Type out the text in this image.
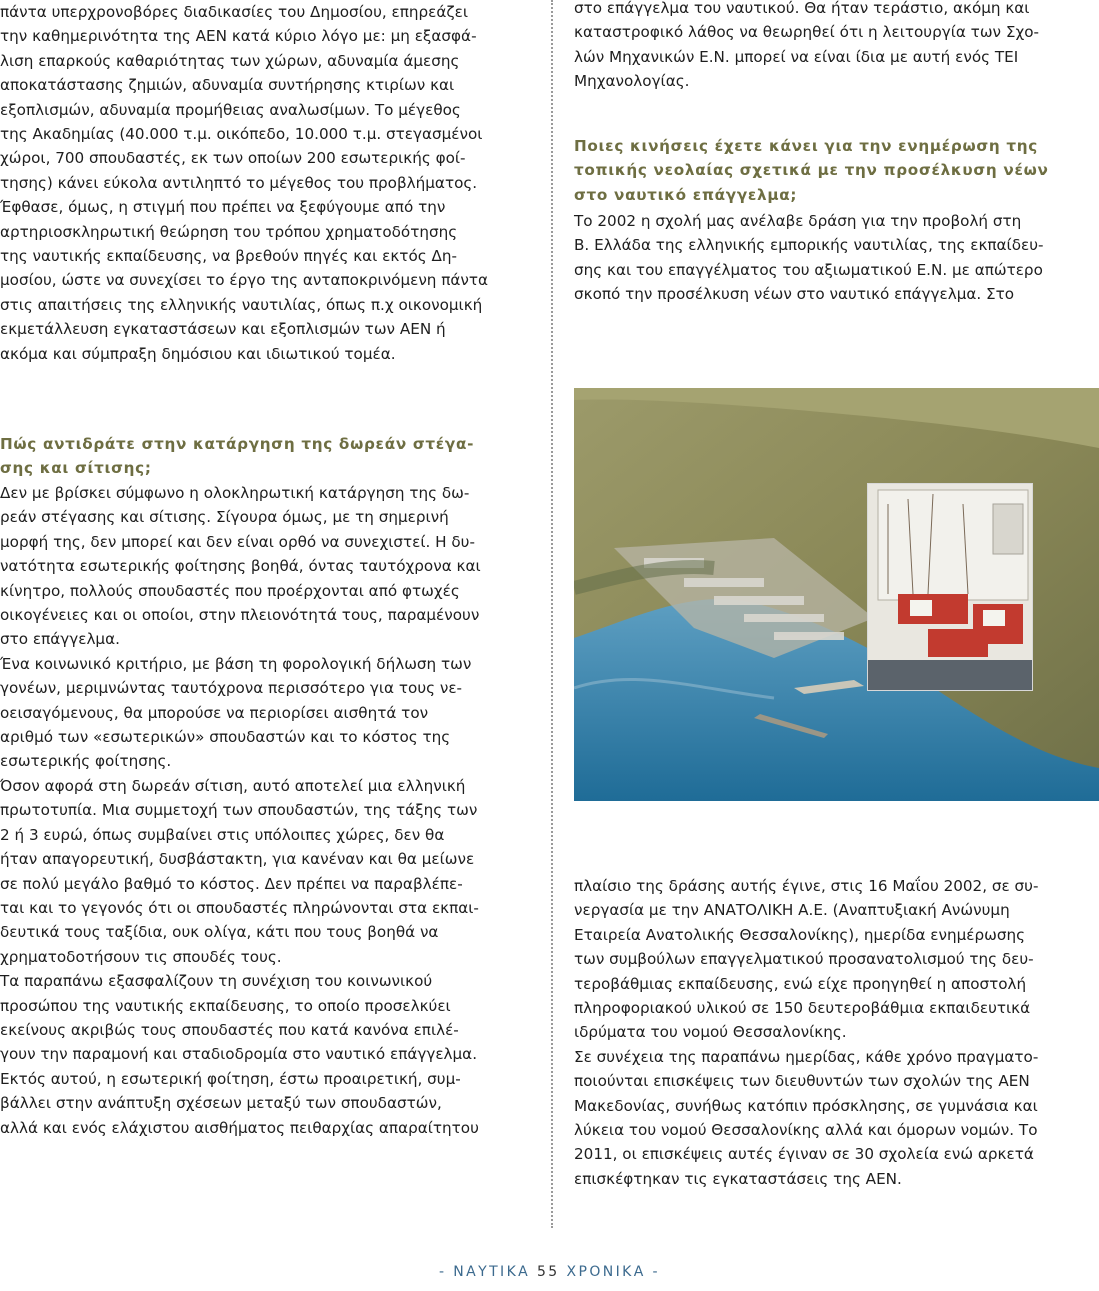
πάντα υπερχρονοβόρες διαδικασίες του Δημοσίου, επηρεάζει
την καθημερινότητα της ΑΕΝ κατά κύριο λόγο με: μη εξασφά-
λιση επαρκούς καθαριότητας των χώρων, αδυναμία άμεσης
αποκατάστασης ζημιών, αδυναμία συντήρησης κτιρίων και
εξοπλισμών, αδυναμία προμήθειας αναλωσίμων. Το μέγεθος
της Ακαδημίας (40.000 τ.μ. οικόπεδο, 10.000 τ.μ. στεγασμένοι
χώροι, 700 σπουδαστές, εκ των οποίων 200 εσωτερικής φοί-
τησης) κάνει εύκολα αντιληπτό το μέγεθος του προβλήματος.
Έφθασε, όμως, η στιγμή που πρέπει να ξεφύγουμε από την
αρτηριοσκληρωτική θεώρηση του τρόπου χρηματοδότησης
της ναυτικής εκπαίδευσης, να βρεθούν πηγές και εκτός Δη-
μοσίου, ώστε να συνεχίσει το έργο της ανταποκρινόμενη πάντα
στις απαιτήσεις της ελληνικής ναυτιλίας, όπως π.χ οικονομική
εκμετάλλευση εγκαταστάσεων και εξοπλισμών των ΑΕΝ ή
ακόμα και σύμπραξη δημόσιου και ιδιωτικού τομέα.

Πώς αντιδράτε στην κατάργηση της δωρεάν στέγα-
σης και σίτισης;

Δεν με βρίσκει σύμφωνο η ολοκληρωτική κατάργηση της δω-
ρεάν στέγασης και σίτισης. Σίγουρα όμως, με τη σημερινή
μορφή της, δεν μπορεί και δεν είναι ορθό να συνεχιστεί. Η δυ-
νατότητα εσωτερικής φοίτησης βοηθά, όντας ταυτόχρονα και
κίνητρο, πολλούς σπουδαστές που προέρχονται από φτωχές
οικογένειες και οι οποίοι, στην πλειονότητά τους, παραμένουν
στο επάγγελμα.
Ένα κοινωνικό κριτήριο, με βάση τη φορολογική δήλωση των
γονέων, μεριμνώντας ταυτόχρονα περισσότερο για τους νε-
οεισαγόμενους, θα μπορούσε να περιορίσει αισθητά τον
αριθμό των «εσωτερικών» σπουδαστών και το κόστος της
εσωτερικής φοίτησης.
Όσον αφορά στη δωρεάν σίτιση, αυτό αποτελεί μια ελληνική
πρωτοτυπία. Μια συμμετοχή των σπουδαστών, της τάξης των
2 ή 3 ευρώ, όπως συμβαίνει στις υπόλοιπες χώρες, δεν θα
ήταν απαγορευτική, δυσβάστακτη, για κανέναν και θα μείωνε
σε πολύ μεγάλο βαθμό το κόστος. Δεν πρέπει να παραβλέπε-
ται και το γεγονός ότι οι σπουδαστές πληρώνονται στα εκπαι-
δευτικά τους ταξίδια, ουκ ολίγα, κάτι που τους βοηθά να
χρηματοδοτήσουν τις σπουδές τους.
Τα παραπάνω εξασφαλίζουν τη συνέχιση του κοινωνικού
προσώπου της ναυτικής εκπαίδευσης, το οποίο προσελκύει
εκείνους ακριβώς τους σπουδαστές που κατά κανόνα επιλέ-
γουν την παραμονή και σταδιοδρομία στο ναυτικό επάγγελμα.
Εκτός αυτού, η εσωτερική φοίτηση, έστω προαιρετική, συμ-
βάλλει στην ανάπτυξη σχέσεων μεταξύ των σπουδαστών,
αλλά και ενός ελάχιστου αισθήματος πειθαρχίας απαραίτητου

στο επάγγελμα του ναυτικού. Θα ήταν τεράστιο, ακόμη και
καταστροφικό λάθος να θεωρηθεί ότι η λειτουργία των Σχο-
λών Μηχανικών Ε.Ν. μπορεί να είναι ίδια με αυτή ενός ΤΕΙ
Μηχανολογίας.

Ποιες κινήσεις έχετε κάνει για την ενημέρωση της
τοπικής νεολαίας σχετικά με την προσέλκυση νέων
στο ναυτικό επάγγελμα;

Το 2002 η σχολή μας ανέλαβε δράση για την προβολή στη
Β. Ελλάδα της ελληνικής εμπορικής ναυτιλίας, της εκπαίδευ-
σης και του επαγγέλματος του αξιωματικού Ε.Ν. με απώτερο
σκοπό την προσέλκυση νέων στο ναυτικό επάγγελμα. Στο

πλαίσιο της δράσης αυτής έγινε, στις 16 Μαΐου 2002, σε συ-
νεργασία με την ΑΝΑΤΟΛΙΚΗ Α.Ε. (Αναπτυξιακή Ανώνυμη
Εταιρεία Ανατολικής Θεσσαλονίκης), ημερίδα ενημέρωσης
των συμβούλων επαγγελματικού προσανατολισμού της δευ-
τεροβάθμιας εκπαίδευσης, ενώ είχε προηγηθεί η αποστολή
πληροφοριακού υλικού σε 150 δευτεροβάθμια εκπαιδευτικά
ιδρύματα του νομού Θεσσαλονίκης.
Σε συνέχεια της παραπάνω ημερίδας, κάθε χρόνο πραγματο-
ποιούνται επισκέψεις των διευθυντών των σχολών της ΑΕΝ
Μακεδονίας, συνήθως κατόπιν πρόσκλησης, σε γυμνάσια και
λύκεια του νομού Θεσσαλονίκης αλλά και όμορων νομών. Το
2011, οι επισκέψεις αυτές έγιναν σε 30 σχολεία ενώ αρκετά
επισκέφτηκαν τις εγκαταστάσεις της ΑΕΝ.

- ΝΑΥΤΙΚΑ 55 ΧΡΟΝΙΚΑ -
